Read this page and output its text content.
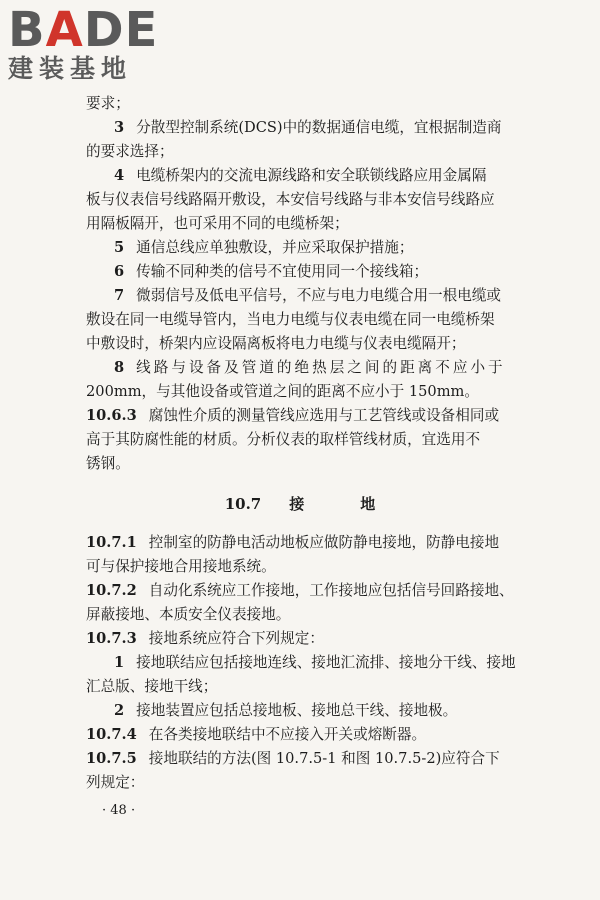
BADE
建装基地

要求；

3 分散型控制系统(DCS)中的数据通信电缆，宜根据制造商

的要求选择；

4 电缆桥架内的交流电源线路和安全联锁线路应用金属隔

板与仪表信号线路隔开敷设，本安信号线路与非本安信号线路应

用隔板隔开，也可采用不同的电缆桥架；

5 通信总线应单独敷设，并应采取保护措施；

6 传输不同种类的信号不宜使用同一个接线箱；

7 微弱信号及低电平信号，不应与电力电缆合用一根电缆或

敷设在同一电缆导管内，当电力电缆与仪表电缆在同一电缆桥架

中敷设时，桥架内应设隔离板将电力电缆与仪表电缆隔开；

8 线路与设备及管道的绝热层之间的距离不应小于

200mm，与其他设备或管道之间的距离不应小于 150mm。

10.6.3 腐蚀性介质的测量管线应选用与工艺管线或设备相同或

高于其防腐性能的材质。分析仪表的取样管线材质，宜选用不

锈钢。

10.7 接	地

10.7.1 控制室的防静电活动地板应做防静电接地，防静电接地

可与保护接地合用接地系统。

10.7.2 自动化系统应工作接地，工作接地应包括信号回路接地、

屏蔽接地、本质安全仪表接地。

10.7.3 接地系统应符合下列规定：

1 接地联结应包括接地连线、接地汇流排、接地分干线、接地

汇总版、接地干线；

2 接地装置应包括总接地板、接地总干线、接地极。

10.7.4 在各类接地联结中不应接入开关或熔断器。

10.7.5 接地联结的方法(图 10.7.5-1 和图 10.7.5-2)应符合下

列规定：

· 48 ·
